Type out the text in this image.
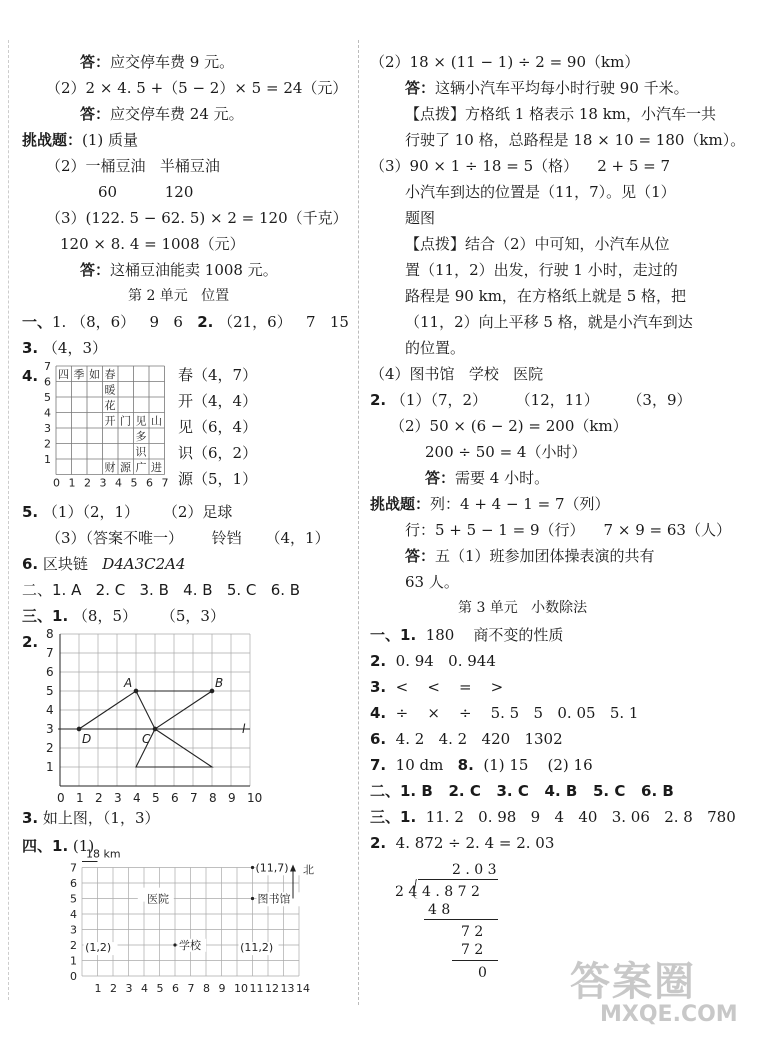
答：应交停车费 9 元。
（2）2 × 4. 5 +（5 − 2）× 5 = 24（元）
答：应交停车费 24 元。
挑战题：(1) 质量
（2）一桶豆油   半桶豆油
60          120
（3）(122. 5 − 62. 5) × 2 = 120（千克）
120 × 8. 4 = 1008（元）
答：这桶豆油能卖 1008 元。
第 2 单元   位置
一、1. （8，6）   9   6   2. （21，6）   7   15
3. （4，3）
4.
7
6
5
4
3
2
1
0 1 2 3 4 5 6 7
四 季 如 春
暖
花
开 门 见 山
多
识
财 源 广 进
春（4，7）
开（4，4）
见（6，4）
识（6，2）
源（5，1）
5. （1）（2，1）     （2）足球
（3）（答案不唯一）      铃铛     （4，1）
6. 区块链   D4A3C2A4
二、1. A   2. C   3. B   4. B   5. C   6. B
三、1. （8，5）     （5，3）
2.
0 1 2 3 4 5 6 7 8 9 10
8
7
6
5
4
3
2
1
A	B
C
D
l
3. 如上图，（1，3）
四、1. (1)
7
6
5
4
3
2
1
0
1 2 3 4 5 6 7 8 9 10 11 12 13 14
18 km
医院
学校
(1,2)	(11,2)
(11,7)
图书馆
北
（2）18 × (11 − 1) ÷ 2 = 90（km）
答：这辆小汽车平均每小时行驶 90 千米。
【点拨】方格纸 1 格表示 18 km，小汽车一共
行驶了 10 格，总路程是 18 × 10 = 180（km）。
（3）90 × 1 ÷ 18 = 5（格）    2 + 5 = 7
小汽车到达的位置是（11，7）。见（1）
题图
【点拨】结合（2）中可知，小汽车从位
置（11，2）出发，行驶 1 小时，走过的
路程是 90 km，在方格纸上就是 5 格，把
（11，2）向上平移 5 格，就是小汽车到达
的位置。
（4）图书馆   学校   医院
2. （1）（7，2）      （12，11）      （3，9）
（2）50 × (6 − 2) = 200（km）
200 ÷ 50 = 4（小时）
答：需要 4 小时。
挑战题：列：4 + 4 − 1 = 7（列）
行：5 + 5 − 1 = 9（行）    7 × 9 = 63（人）
答：五（1）班参加团体操表演的共有
63 人。
第 3 单元   小数除法
一、1.  180    商不变的性质
2.  0. 94   0. 944
3.  <    <    =    >
4.  ÷    ×    ÷    5. 5   5   0. 05   5. 1
6.  4. 2   4. 2   420   1302
7.  10 dm   8.  (1) 15    (2) 16
二、1. B   2. C   3. C   4. B   5. C   6. B
三、1.  11. 2   0. 98   9   4   40   3. 06   2. 8   780
2.  4. 872 ÷ 2. 4 = 2. 03
2 . 0 3
2 4 4 . 8 7 2
4 8
7 2
7 2
0 答案圈
MXQE.COM
